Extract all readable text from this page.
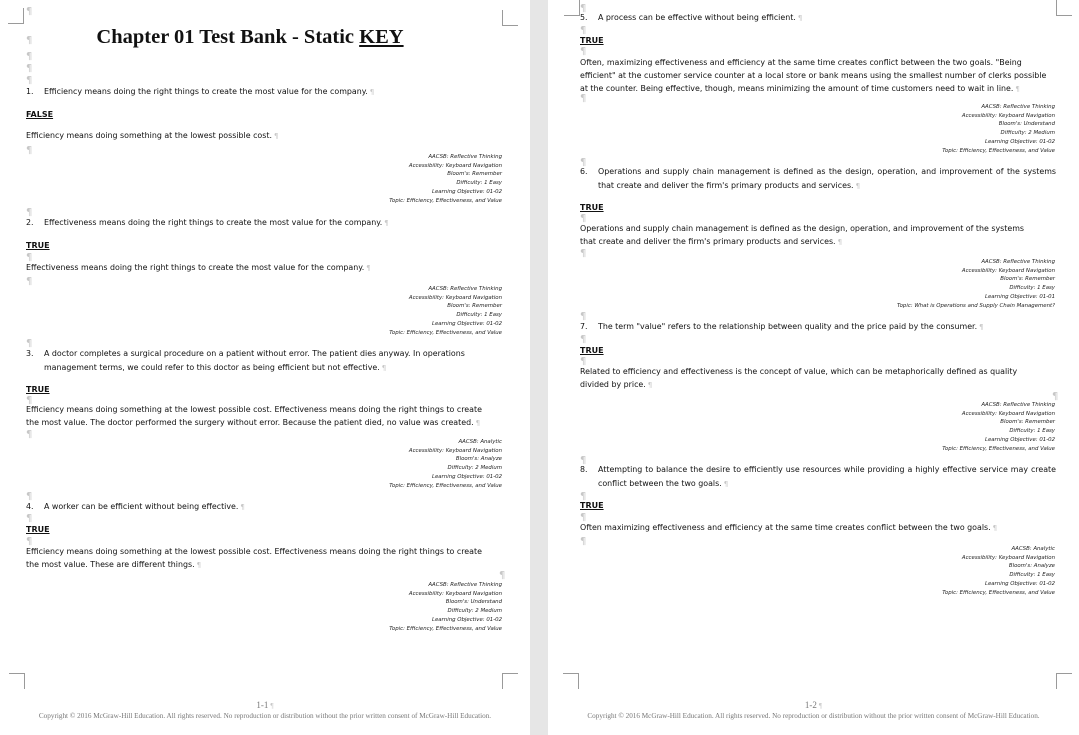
¶
Chapter 01 Test Bank - Static KEY
¶
¶
¶
¶
1.	Efficiency means doing the right things to create the most value for the company. ¶
FALSE
Efficiency means doing something at the lowest possible cost. ¶
¶
AACSB: Reflective Thinking
Accessibility: Keyboard Navigation
Bloom's: Remember
Difficulty: 1 Easy
Learning Objective: 01-02
Topic: Efficiency, Effectiveness, and Value
¶
2.	Effectiveness means doing the right things to create the most value for the company. ¶
TRUE
¶
Effectiveness means doing the right things to create the most value for the company. ¶
¶
AACSB: Reflective Thinking
Accessibility: Keyboard Navigation
Bloom's: Remember
Difficulty: 1 Easy
Learning Objective: 01-02
Topic: Efficiency, Effectiveness, and Value
¶
3.	A doctor completes a surgical procedure on a patient without error. The patient dies anyway. In operations management terms, we could refer to this doctor as being efficient but not effective. ¶
TRUE
¶
Efficiency means doing something at the lowest possible cost. Effectiveness means doing the right things to create the most value. The doctor performed the surgery without error. Because the patient died, no value was created. ¶
¶
AACSB: Analytic
Accessibility: Keyboard Navigation
Bloom's: Analyze
Difficulty: 2 Medium
Learning Objective: 01-02
Topic: Efficiency, Effectiveness, and Value
¶
4.	A worker can be efficient without being effective. ¶
¶
TRUE
¶
Efficiency means doing something at the lowest possible cost. Effectiveness means doing the right things to create the most value. These are different things. ¶
¶
AACSB: Reflective Thinking
Accessibility: Keyboard Navigation
Bloom's: Understand
Difficulty: 2 Medium
Learning Objective: 01-02
Topic: Efficiency, Effectiveness, and Value
1-1 ¶
Copyright © 2016 McGraw-Hill Education. All rights reserved. No reproduction or distribution without the prior written consent of McGraw-Hill Education.
¶
5.	A process can be effective without being efficient. ¶
¶
TRUE
¶
Often, maximizing effectiveness and efficiency at the same time creates conflict between the two goals. "Being efficient" at the customer service counter at a local store or bank means using the smallest number of clerks possible at the counter. Being effective, though, means minimizing the amount of time customers need to wait in line. ¶
¶
AACSB: Reflective Thinking
Accessibility: Keyboard Navigation
Bloom's: Understand
Difficulty: 2 Medium
Learning Objective: 01-02
Topic: Efficiency, Effectiveness, and Value
¶
6.	Operations and supply chain management is defined as the design, operation, and improvement of the systems that create and deliver the firm's primary products and services. ¶
TRUE
¶
Operations and supply chain management is defined as the design, operation, and improvement of the systems that create and deliver the firm's primary products and services. ¶
¶
AACSB: Reflective Thinking
Accessibility: Keyboard Navigation
Bloom's: Remember
Difficulty: 1 Easy
Learning Objective: 01-01
Topic: What is Operations and Supply Chain Management?
¶
7.	The term "value" refers to the relationship between quality and the price paid by the consumer. ¶
¶
TRUE
¶
Related to efficiency and effectiveness is the concept of value, which can be metaphorically defined as quality divided by price. ¶
¶
AACSB: Reflective Thinking
Accessibility: Keyboard Navigation
Bloom's: Remember
Difficulty: 1 Easy
Learning Objective: 01-02
Topic: Efficiency, Effectiveness, and Value
¶
8.	Attempting to balance the desire to efficiently use resources while providing a highly effective service may create conflict between the two goals. ¶
¶
TRUE
¶
Often maximizing effectiveness and efficiency at the same time creates conflict between the two goals. ¶
¶
AACSB: Analytic
Accessibility: Keyboard Navigation
Bloom's: Analyze
Difficulty: 1 Easy
Learning Objective: 01-02
Topic: Efficiency, Effectiveness, and Value
1-2 ¶
Copyright © 2016 McGraw-Hill Education. All rights reserved. No reproduction or distribution without the prior written consent of McGraw-Hill Education.
